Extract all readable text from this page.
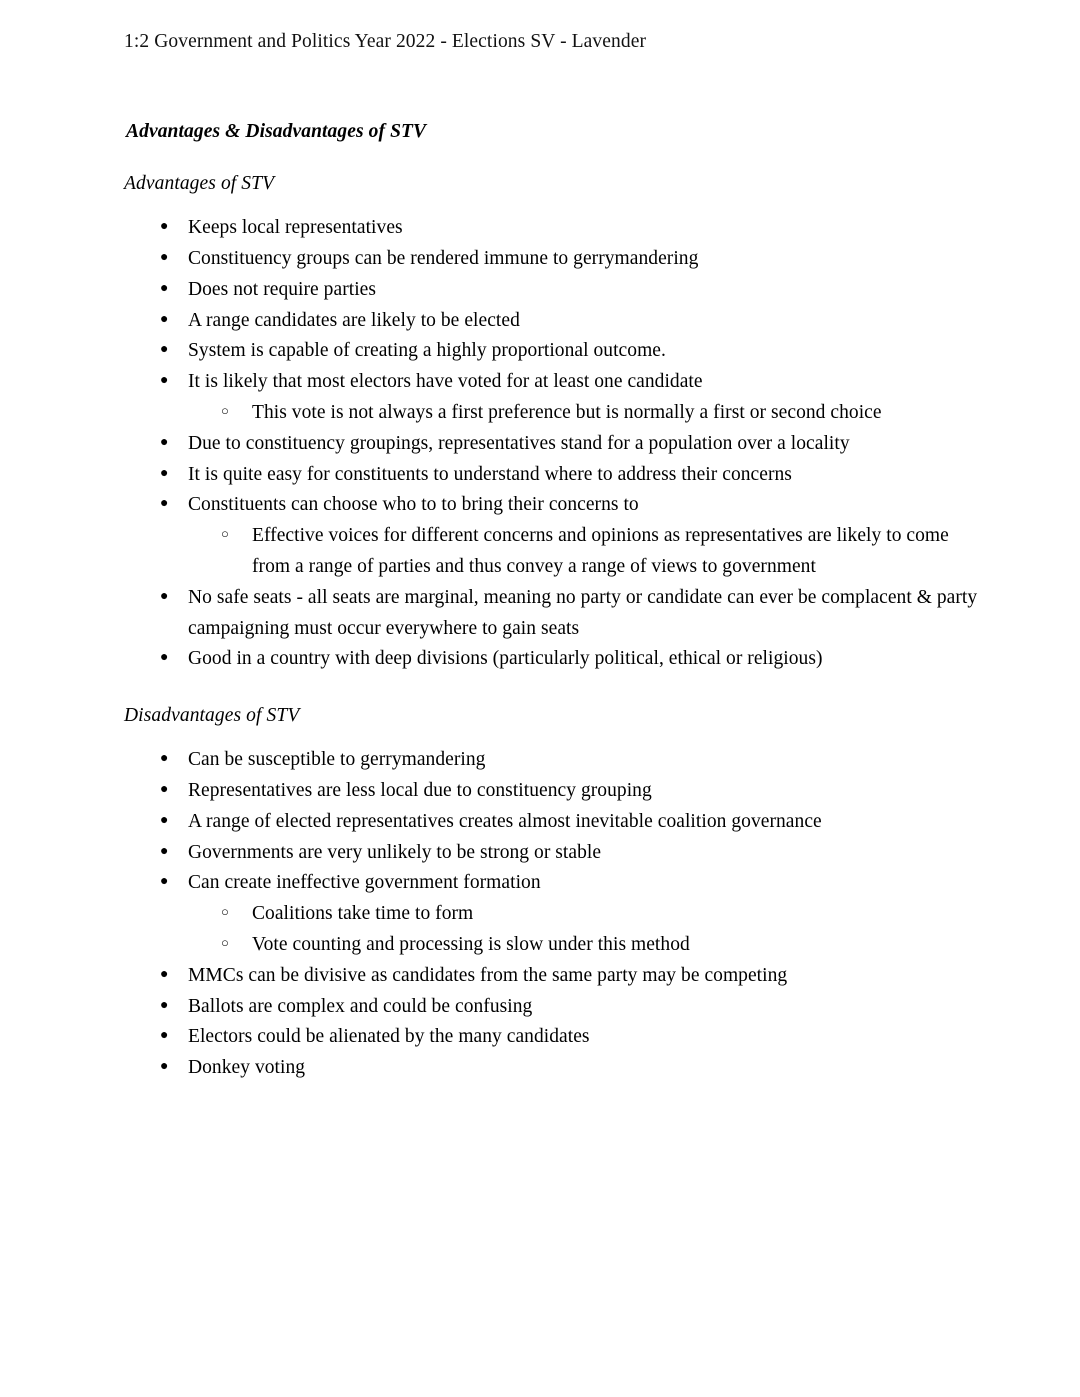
1:2 Government and Politics Year 2022 - Elections SV - Lavender
Advantages & Disadvantages of STV
Advantages of STV
● Keeps local representatives
● Constituency groups can be rendered immune to gerrymandering
● Does not require parties
● A range candidates are likely to be elected
● System is capable of creating a highly proportional outcome.
● It is likely that most electors have voted for at least one candidate
○ This vote is not always a first preference but is normally a first or second choice
● Due to constituency groupings, representatives stand for a population over a locality
● It is quite easy for constituents to understand where to address their concerns
● Constituents can choose who to to bring their concerns to
○ Effective voices for different concerns and opinions as representatives are likely to come from a range of parties and thus convey a range of views to government
● No safe seats - all seats are marginal, meaning no party or candidate can ever be complacent & party campaigning must occur everywhere to gain seats
● Good in a country with deep divisions (particularly political, ethical or religious)
Disadvantages of STV
● Can be susceptible to gerrymandering
● Representatives are less local due to constituency grouping
● A range of elected representatives creates almost inevitable coalition governance
● Governments are very unlikely to be strong or stable
● Can create ineffective government formation
○ Coalitions take time to form
○ Vote counting and processing is slow under this method
● MMCs can be divisive as candidates from the same party may be competing
● Ballots are complex and could be confusing
● Electors could be alienated by the many candidates
● Donkey voting
